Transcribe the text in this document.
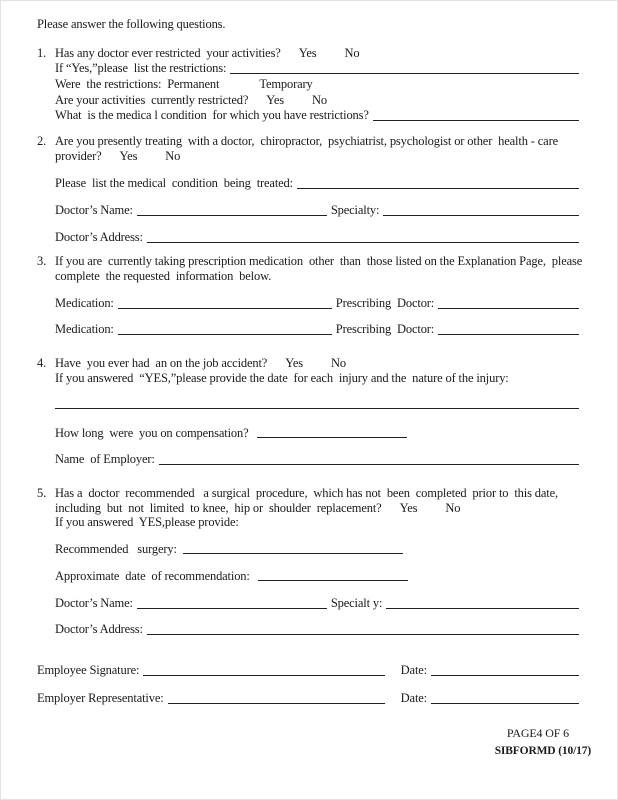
Please answer the following questions.
1. Has any doctor ever restricted  your activities? Yes No
If “Yes,”please  list the restrictions:
Were  the restrictions:  Permanent	Temporary
Are your activities  currently restricted? Yes No
What  is the medica l condition  for which you have restrictions?
2. Are you presently treating  with a doctor,  chiropractor,  psychiatrist, psychologist or other  health - care
provider? Yes No
Please  list the medical  condition  being  treated:
Doctor’s Name:	Specialty:
Doctor’s Address:
3. If you are  currently taking prescription medication  other  than  those listed on the Explanation Page,  please
complete  the requested  information  below.
Medication:	Prescribing  Doctor:
Medication:	Prescribing  Doctor:
4. Have  you ever had  an on the job accident? Yes No
If you answered  “YES,”please provide the date  for each  injury and the  nature of the injury:
How long  were  you on compensation?
Name  of Employer:
5. Has a  doctor  recommended   a surgical  procedure,  which has not  been  completed  prior to  this date,
including  but  not  limited  to knee,  hip or  shoulder  replacement? Yes No
If you answered  YES,please provide:
Recommended   surgery:
Approximate  date  of recommendation:
Doctor’s Name:	Specialt y:
Doctor’s Address:
Employee Signature:	Date:
Employer Representative:	Date:
PAGE4 OF 6
SIBFORMD (10/17)
